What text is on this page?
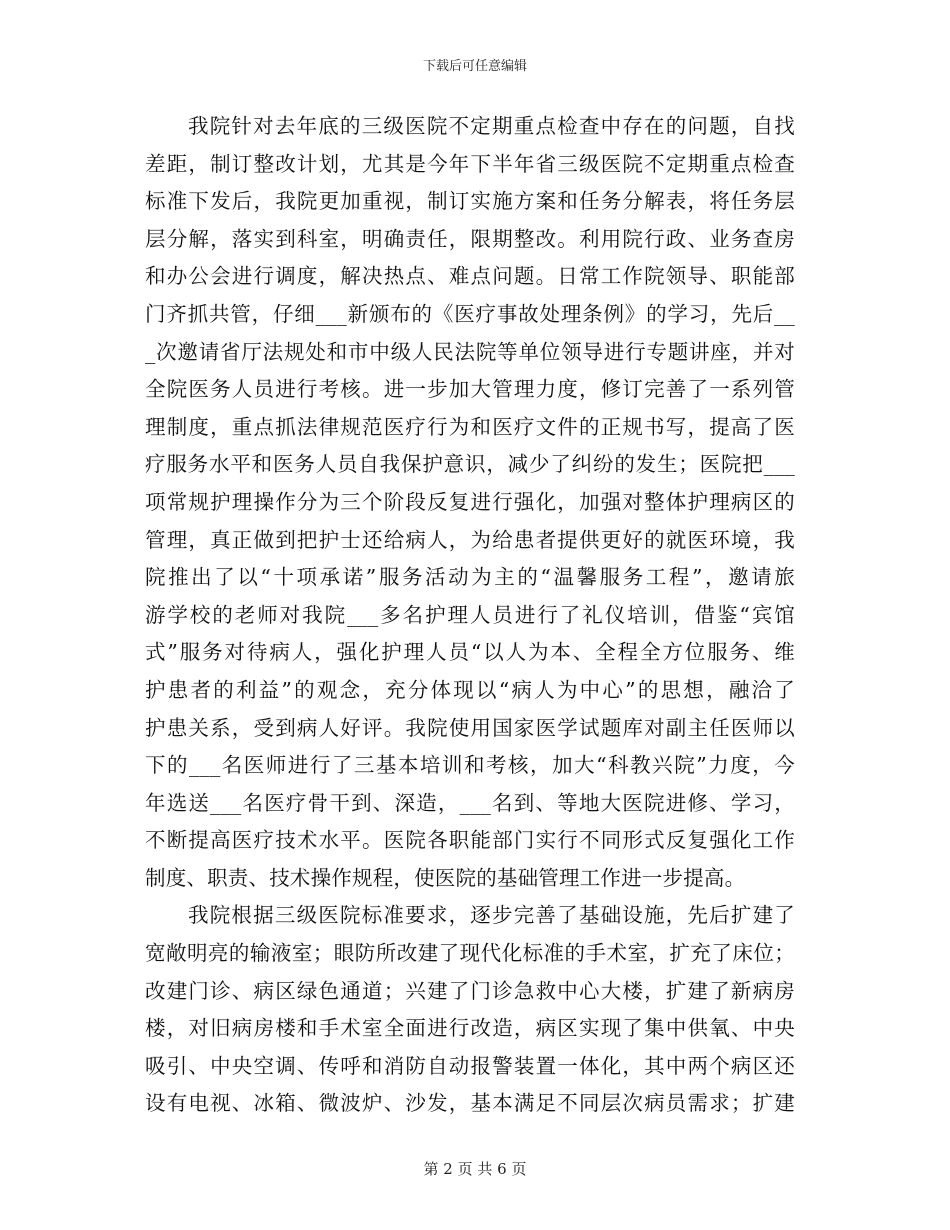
下载后可任意编辑
我院针对去年底的三级医院不定期重点检查中存在的问题，自找
差距，制订整改计划，尤其是今年下半年省三级医院不定期重点检查
标准下发后，我院更加重视，制订实施方案和任务分解表，将任务层
层分解，落实到科室，明确责任，限期整改。利用院行政、业务查房
和办公会进行调度，解决热点、难点问题。日常工作院领导、职能部
门齐抓共管，仔细___新颁布的《医疗事故处理条例》的学习，先后__
_次邀请省厅法规处和市中级人民法院等单位领导进行专题讲座，并对
全院医务人员进行考核。进一步加大管理力度，修订完善了一系列管
理制度，重点抓法律规范医疗行为和医疗文件的正规书写，提高了医
疗服务水平和医务人员自我保护意识，减少了纠纷的发生；医院把___
项常规护理操作分为三个阶段反复进行强化，加强对整体护理病区的
管理，真正做到把护士还给病人，为给患者提供更好的就医环境，我
院推出了以“十项承诺”服务活动为主的“温馨服务工程”，邀请旅
游学校的老师对我院___多名护理人员进行了礼仪培训，借鉴“宾馆
式”服务对待病人，强化护理人员“以人为本、全程全方位服务、维
护患者的利益”的观念，充分体现以“病人为中心”的思想，融洽了
护患关系，受到病人好评。我院使用国家医学试题库对副主任医师以
下的___名医师进行了三基本培训和考核，加大“科教兴院”力度，今
年选送___名医疗骨干到、深造，___名到、等地大医院进修、学习，
不断提高医疗技术水平。医院各职能部门实行不同形式反复强化工作
制度、职责、技术操作规程，使医院的基础管理工作进一步提高。
我院根据三级医院标准要求，逐步完善了基础设施，先后扩建了
宽敞明亮的输液室；眼防所改建了现代化标准的手术室，扩充了床位；
改建门诊、病区绿色通道；兴建了门诊急救中心大楼，扩建了新病房
楼，对旧病房楼和手术室全面进行改造，病区实现了集中供氧、中央
吸引、中央空调、传呼和消防自动报警装置一体化，其中两个病区还
设有电视、冰箱、微波炉、沙发，基本满足不同层次病员需求；扩建
第 2 页 共 6 页
